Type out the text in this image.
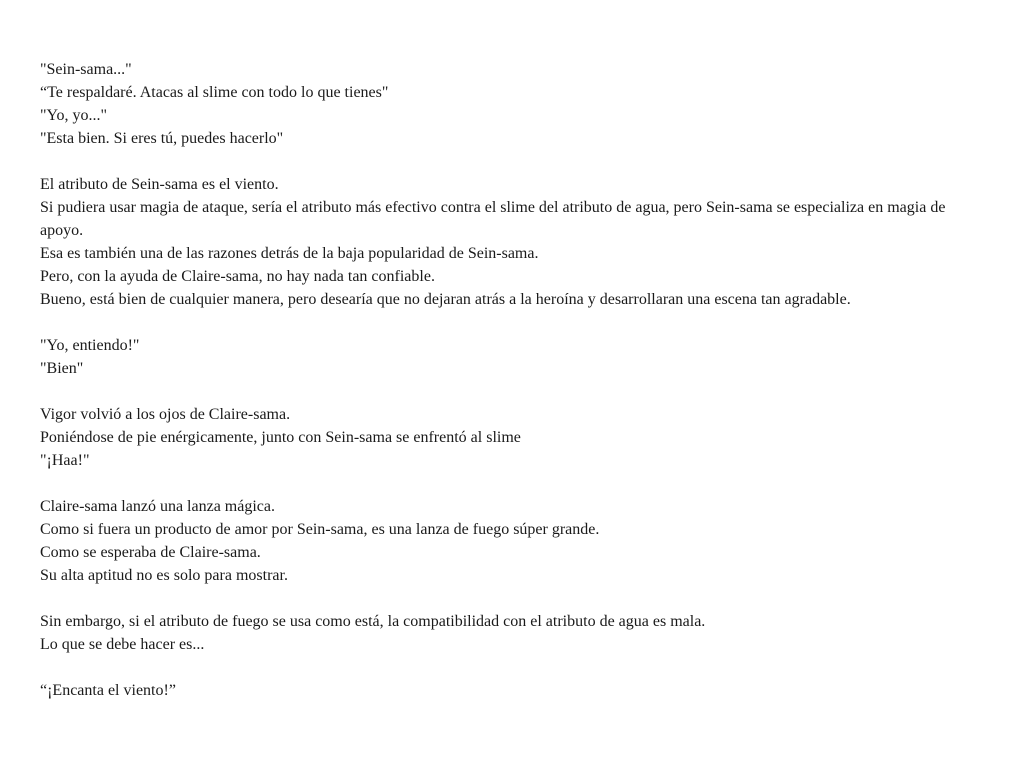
"Sein-sama..."
“Te respaldaré. Atacas al slime con todo lo que tienes"
"Yo, yo..."
"Esta bien. Si eres tú, puedes hacerlo"
El atributo de Sein-sama es el viento.
Si pudiera usar magia de ataque, sería el atributo más efectivo contra el slime del atributo de agua, pero Sein-sama se especializa en magia de apoyo.
Esa es también una de las razones detrás de la baja popularidad de Sein-sama.
Pero, con la ayuda de Claire-sama, no hay nada tan confiable.
Bueno, está bien de cualquier manera, pero desearía que no dejaran atrás a la heroína y desarrollaran una escena tan agradable.
"Yo, entiendo!"
"Bien"
Vigor volvió a los ojos de Claire-sama.
Poniéndose de pie enérgicamente, junto con Sein-sama se enfrentó al slime
"¡Haa!"
Claire-sama lanzó una lanza mágica.
Como si fuera un producto de amor por Sein-sama, es una lanza de fuego súper grande.
Como se esperaba de Claire-sama.
Su alta aptitud no es solo para mostrar.
Sin embargo, si el atributo de fuego se usa como está, la compatibilidad con el atributo de agua es mala.
Lo que se debe hacer es...
“¡Encanta el viento!”
